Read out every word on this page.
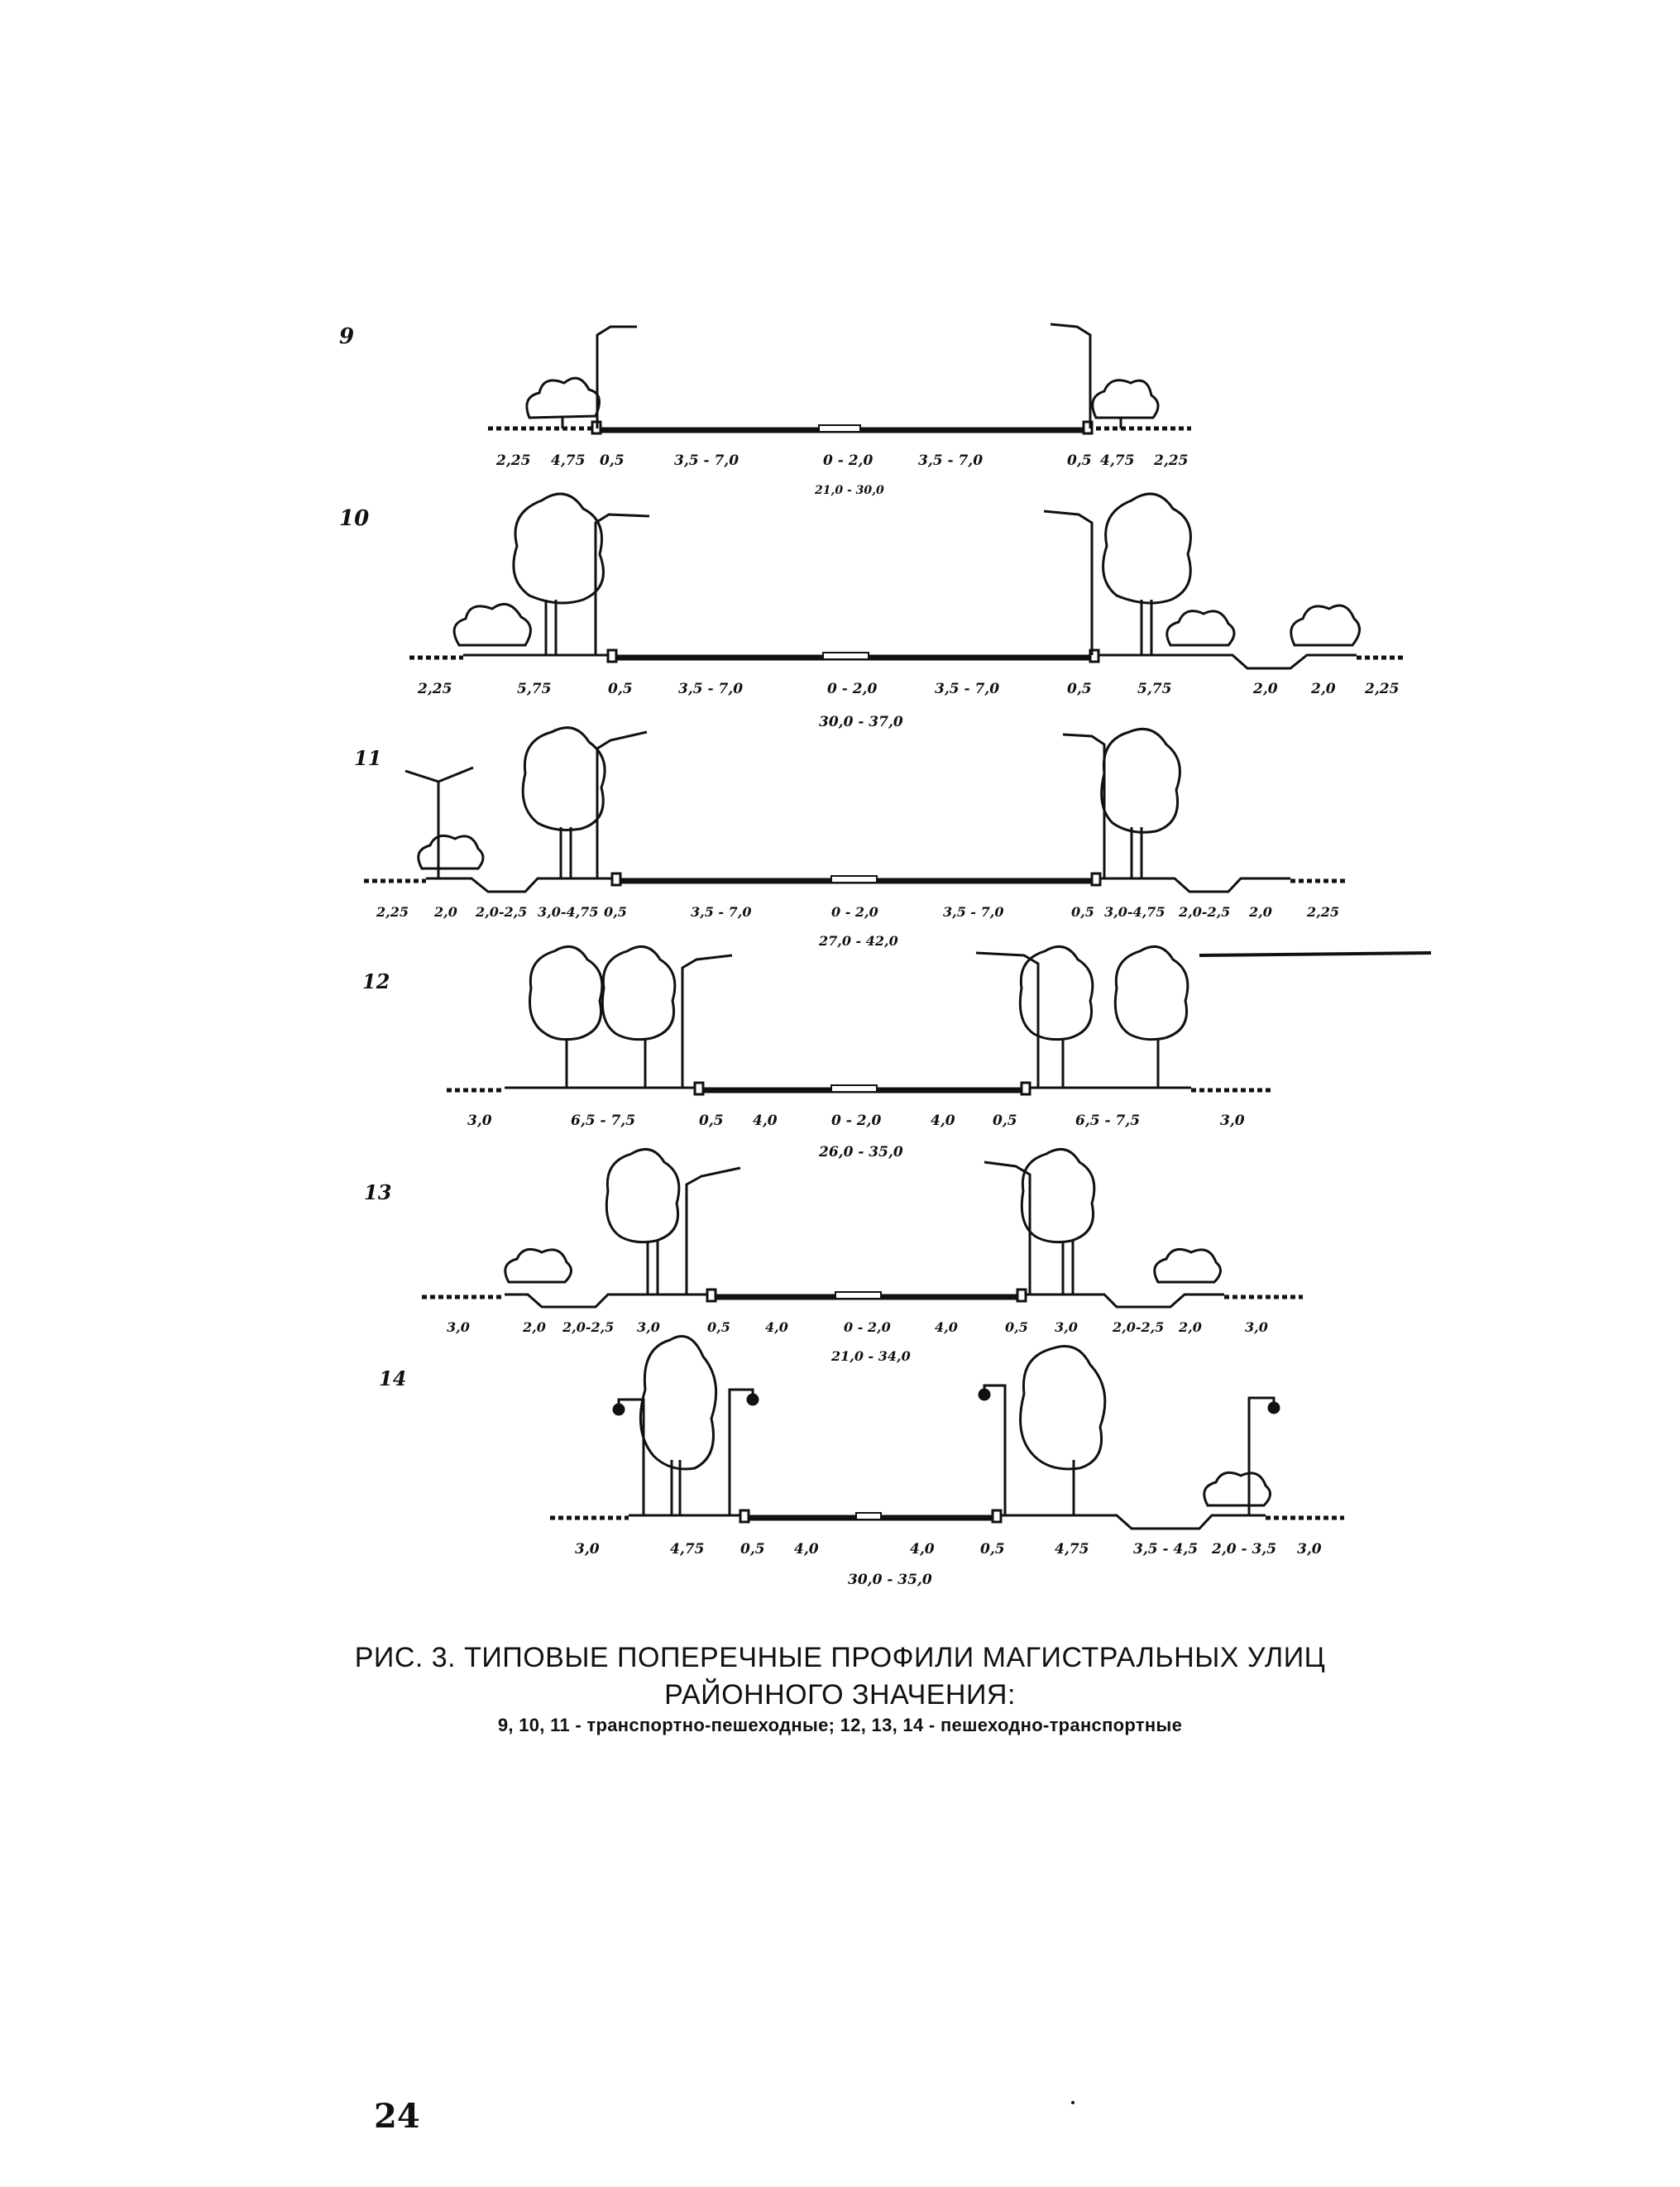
9
2,25 4,75 0,5	3,5 - 7,0	0 - 2,0	3,5 - 7,0	0,5 4,75 2,25
21,0 - 30,0
10
2,25	5,75	0,5	3,5 - 7,0	0 - 2,0	3,5 - 7,0	0,5	5,75	2,0 2,0 2,25
30,0 - 37,0
11
2,25 2,0 2,0-2,5 3,0-4,75 0,5	3,5 - 7,0	0 - 2,0	3,5 - 7,0	0,5 3,0-4,75 2,0-2,5 2,0	2,25
27,0 - 42,0
12
3,0	6,5 - 7,5	0,5 4,0	0 - 2,0	4,0	0,5	6,5 - 7,5	3,0
26,0 - 35,0
13
3,0	2,0 2,0-2,5 3,0	0,5	4,0	0 - 2,0	4,0	0,5 3,0	2,0-2,5 2,0	3,0
21,0 - 34,0
14
3,0	4,75	0,5 4,0	4,0	0,5	4,75	3,5 - 4,5 2,0 - 3,5 3,0
30,0 - 35,0
РИС. 3. ТИПОВЫЕ ПОПЕРЕЧНЫЕ ПРОФИЛИ МАГИСТРАЛЬНЫХ УЛИЦ
РАЙОННОГО ЗНАЧЕНИЯ:
9, 10, 11 - транспортно-пешеходные; 12, 13, 14 - пешеходно-транспортные
24
